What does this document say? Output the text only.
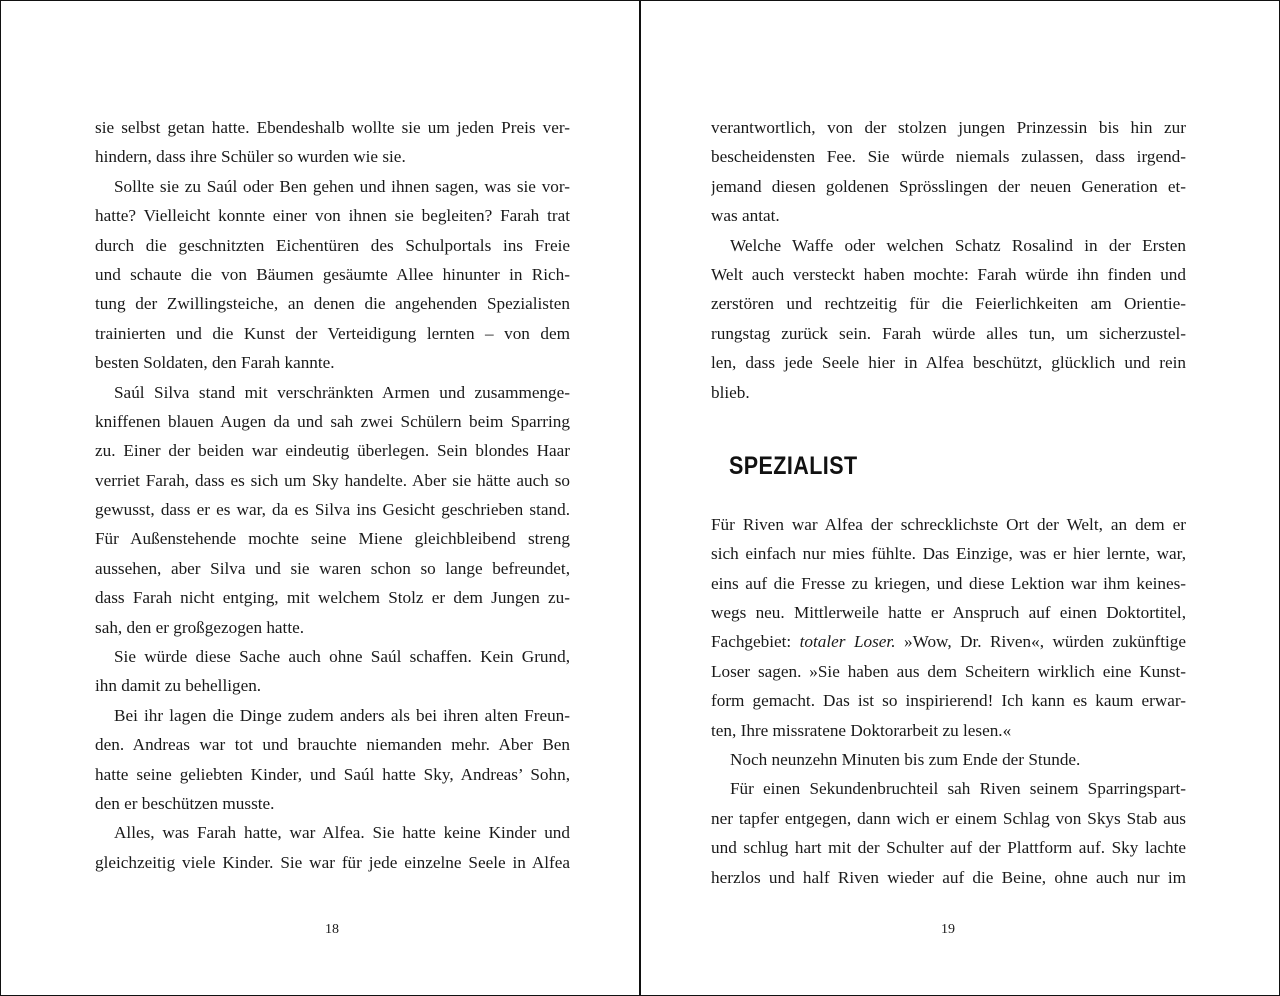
sie selbst getan hatte. Ebendeshalb wollte sie um jeden Preis ver-
hindern, dass ihre Schüler so wurden wie sie.
Sollte sie zu Saúl oder Ben gehen und ihnen sagen, was sie vor-
hatte? Vielleicht konnte einer von ihnen sie begleiten? Farah trat
durch die geschnitzten Eichentüren des Schulportals ins Freie
und schaute die von Bäumen gesäumte Allee hinunter in Rich-
tung der Zwillingsteiche, an denen die angehenden Spezialisten
trainierten und die Kunst der Verteidigung lernten – von dem
besten Soldaten, den Farah kannte.
Saúl Silva stand mit verschränkten Armen und zusammenge-
kniffenen blauen Augen da und sah zwei Schülern beim Sparring
zu. Einer der beiden war eindeutig überlegen. Sein blondes Haar
verriet Farah, dass es sich um Sky handelte. Aber sie hätte auch so
gewusst, dass er es war, da es Silva ins Gesicht geschrieben stand.
Für Außenstehende mochte seine Miene gleichbleibend streng
aussehen, aber Silva und sie waren schon so lange befreundet,
dass Farah nicht entging, mit welchem Stolz er dem Jungen zu-
sah, den er großgezogen hatte.
Sie würde diese Sache auch ohne Saúl schaffen. Kein Grund,
ihn damit zu behelligen.
Bei ihr lagen die Dinge zudem anders als bei ihren alten Freun-
den. Andreas war tot und brauchte niemanden mehr. Aber Ben
hatte seine geliebten Kinder, und Saúl hatte Sky, Andreas’ Sohn,
den er beschützen musste.
Alles, was Farah hatte, war Alfea. Sie hatte keine Kinder und
gleichzeitig viele Kinder. Sie war für jede einzelne Seele in Alfea
18
verantwortlich, von der stolzen jungen Prinzessin bis hin zur
bescheidensten Fee. Sie würde niemals zulassen, dass irgend-
jemand diesen goldenen Sprösslingen der neuen Generation et-
was antat.
Welche Waffe oder welchen Schatz Rosalind in der Ersten
Welt auch versteckt haben mochte: Farah würde ihn finden und
zerstören und rechtzeitig für die Feierlichkeiten am Orientie-
rungstag zurück sein. Farah würde alles tun, um sicherzustel-
len, dass jede Seele hier in Alfea beschützt, glücklich und rein
blieb.
SPEZIALIST
Für Riven war Alfea der schrecklichste Ort der Welt, an dem er
sich einfach nur mies fühlte. Das Einzige, was er hier lernte, war,
eins auf die Fresse zu kriegen, und diese Lektion war ihm keines-
wegs neu. Mittlerweile hatte er Anspruch auf einen Doktortitel,
Fachgebiet: totaler Loser. »Wow, Dr. Riven«, würden zukünftige
Loser sagen. »Sie haben aus dem Scheitern wirklich eine Kunst-
form gemacht. Das ist so inspirierend! Ich kann es kaum erwar-
ten, Ihre missratene Doktorarbeit zu lesen.«
Noch neunzehn Minuten bis zum Ende der Stunde.
Für einen Sekundenbruchteil sah Riven seinem Sparringspart-
ner tapfer entgegen, dann wich er einem Schlag von Skys Stab aus
und schlug hart mit der Schulter auf der Plattform auf. Sky lachte
herzlos und half Riven wieder auf die Beine, ohne auch nur im
19
